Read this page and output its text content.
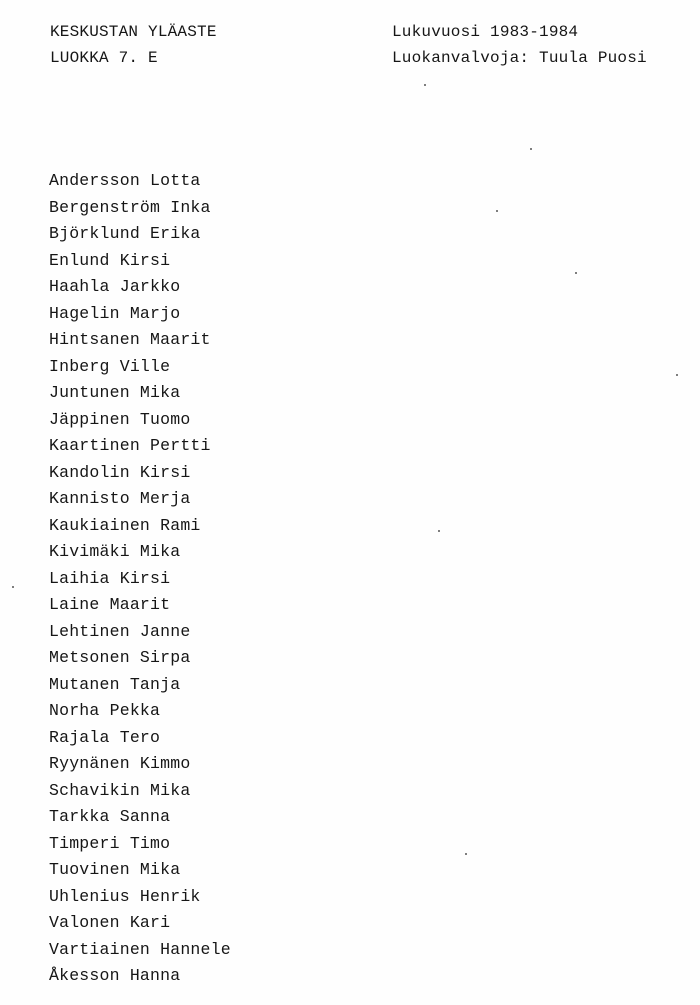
KESKUSTAN YLÄASTE
LUOKKA 7. E
Lukuvuosi 1983-1984
Luokanvalvoja: Tuula Puosi
Andersson Lotta
Bergenström Inka
Björklund Erika
Enlund Kirsi
Haahla Jarkko
Hagelin Marjo
Hintsanen Maarit
Inberg Ville
Juntunen Mika
Jäppinen Tuomo
Kaartinen Pertti
Kandolin Kirsi
Kannisto Merja
Kaukiainen Rami
Kivimäki Mika
Laihia Kirsi
Laine Maarit
Lehtinen Janne
Metsonen Sirpa
Mutanen Tanja
Norha Pekka
Rajala Tero
Ryynänen Kimmo
Schavikin Mika
Tarkka Sanna
Timperi Timo
Tuovinen Mika
Uhlenius Henrik
Valonen Kari
Vartiainen Hannele
Åkesson Hanna
